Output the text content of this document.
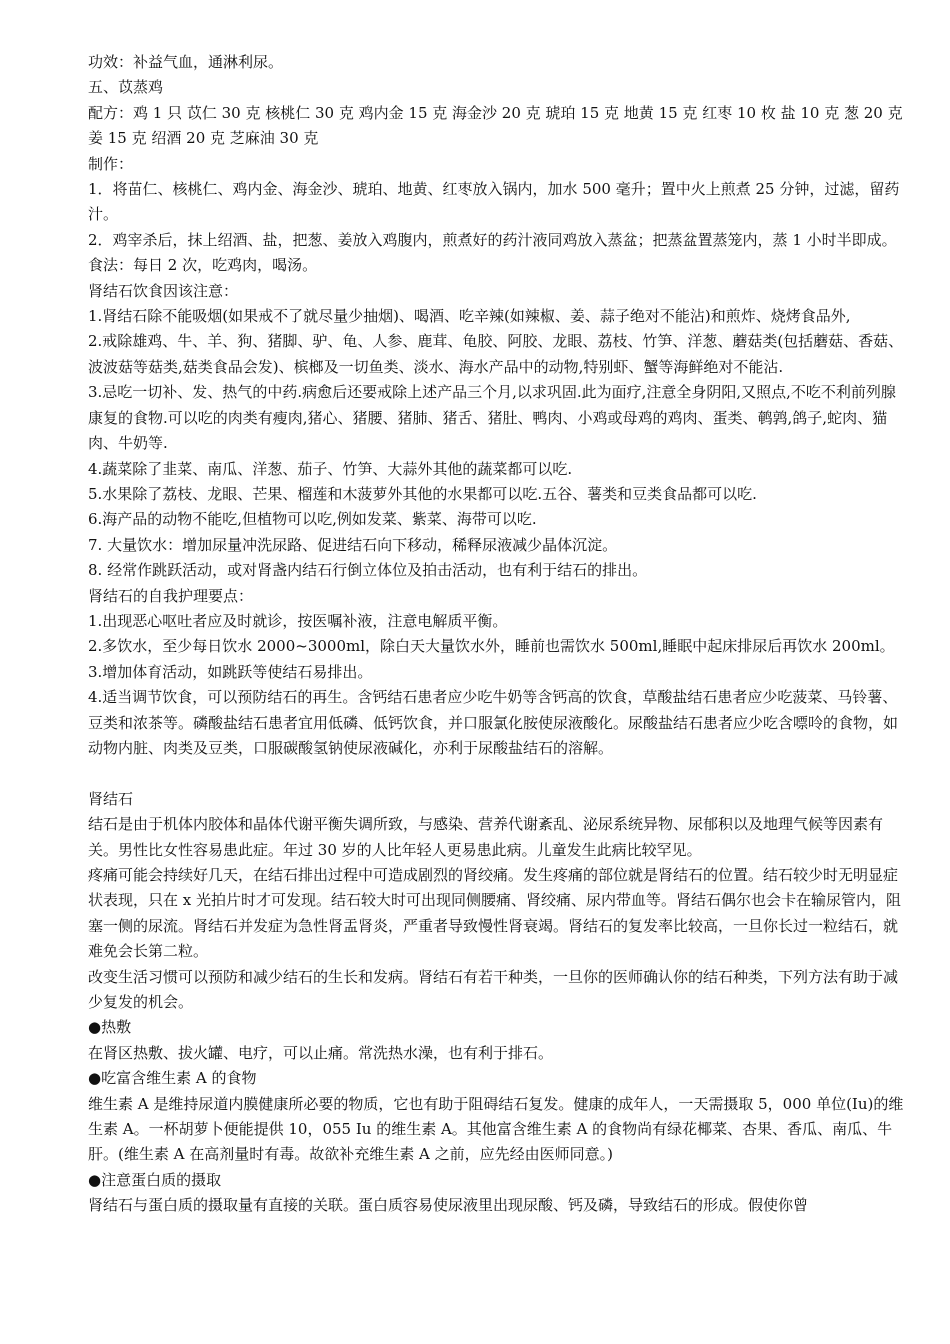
功效：补益气血，通淋利尿。

五、苡蒸鸡

配方：鸡 1 只 苡仁 30 克 核桃仁 30 克 鸡内金 15 克 海金沙 20 克 琥珀 15 克 地黄 15 克 红枣 10 枚 盐 10 克 葱 20 克 姜 15 克 绍酒 20 克 芝麻油 30 克

制作：

1．将苗仁、核桃仁、鸡内金、海金沙、琥珀、地黄、红枣放入锅内，加水 500 毫升；置中火上煎煮 25 分钟，过滤，留药汁。

2．鸡宰杀后，抹上绍酒、盐，把葱、姜放入鸡腹内，煎煮好的药汁液同鸡放入蒸盆；把蒸盆置蒸笼内，蒸 1 小时半即成。

食法：每日 2 次，吃鸡肉，喝汤。

肾结石饮食因该注意：

1.肾结石除不能吸烟(如果戒不了就尽量少抽烟)、喝酒、吃辛辣(如辣椒、姜、蒜子绝对不能沾)和煎炸、烧烤食品外,

2.戒除雄鸡、牛、羊、狗、猪脚、驴、龟、人参、鹿茸、龟胶、阿胶、龙眼、荔枝、竹笋、洋葱、蘑菇类(包括蘑菇、香菇、波波菇等菇类,菇类食品会发)、槟榔及一切鱼类、淡水、海水产品中的动物,特别虾、蟹等海鲜绝对不能沾.

3.忌吃一切补、发、热气的中药.病愈后还要戒除上述产品三个月,以求巩固.此为面疗,注意全身阴阳,又照点,不吃不利前列腺康复的食物.可以吃的肉类有瘦肉,猪心、猪腰、猪肺、猪舌、猪肚、鸭肉、小鸡或母鸡的鸡肉、蛋类、鹌鹑,鸽子,蛇肉、猫肉、牛奶等.

4.蔬菜除了韭菜、南瓜、洋葱、茄子、竹笋、大蒜外其他的蔬菜都可以吃.

5.水果除了荔枝、龙眼、芒果、榴莲和木菠萝外其他的水果都可以吃.五谷、薯类和豆类食品都可以吃.

6.海产品的动物不能吃,但植物可以吃,例如发菜、紫菜、海带可以吃.

7. 大量饮水：增加尿量冲洗尿路、促进结石向下移动，稀释尿液减少晶体沉淀。

8. 经常作跳跃活动，或对肾盏内结石行倒立体位及拍击活动，也有利于结石的排出。

肾结石的自我护理要点：

1.出现恶心呕吐者应及时就诊，按医嘱补液，注意电解质平衡。

2.多饮水，至少每日饮水 2000~3000ml，除白天大量饮水外，睡前也需饮水 500ml,睡眠中起床排尿后再饮水 200ml。

3.增加体育活动，如跳跃等使结石易排出。

4.适当调节饮食，可以预防结石的再生。含钙结石患者应少吃牛奶等含钙高的饮食，草酸盐结石患者应少吃菠菜、马铃薯、豆类和浓茶等。磷酸盐结石患者宜用低磷、低钙饮食，并口服氯化胺使尿液酸化。尿酸盐结石患者应少吃含嘌呤的食物，如动物内脏、肉类及豆类，口服碳酸氢钠使尿液碱化，亦利于尿酸盐结石的溶解。

肾结石

结石是由于机体内胶体和晶体代谢平衡失调所致，与感染、营养代谢紊乱、泌尿系统异物、尿郁积以及地理气候等因素有关。男性比女性容易患此症。年过 30 岁的人比年轻人更易患此病。儿童发生此病比较罕见。

疼痛可能会持续好几天，在结石排出过程中可造成剧烈的肾绞痛。发生疼痛的部位就是肾结石的位置。结石较少时无明显症状表现，只在 x 光拍片时才可发现。结石较大时可出现同侧腰痛、肾绞痛、尿内带血等。肾结石偶尔也会卡在输尿管内，阻塞一侧的尿流。肾结石并发症为急性肾盂肾炎，严重者导致慢性肾衰竭。肾结石的复发率比较高，一旦你长过一粒结石，就难免会长第二粒。

改变生活习惯可以预防和减少结石的生长和发病。肾结石有若干种类，一旦你的医师确认你的结石种类，下列方法有助于减少复发的机会。

●热敷

在肾区热敷、拔火罐、电疗，可以止痛。常洗热水澡，也有利于排石。

●吃富含维生素 A 的食物

维生素 A 是维持尿道内膜健康所必要的物质，它也有助于阻碍结石复发。健康的成年人，一天需摄取 5，000 单位(Iu)的维生素 A。一杯胡萝卜便能提供 10，055 Iu 的维生素 A。其他富含维生素 A 的食物尚有绿花椰菜、杏果、香瓜、南瓜、牛肝。(维生素 A 在高剂量时有毒。故欲补充维生素 A 之前，应先经由医师同意。)

●注意蛋白质的摄取

肾结石与蛋白质的摄取量有直接的关联。蛋白质容易使尿液里出现尿酸、钙及磷，导致结石的形成。假使你曾
